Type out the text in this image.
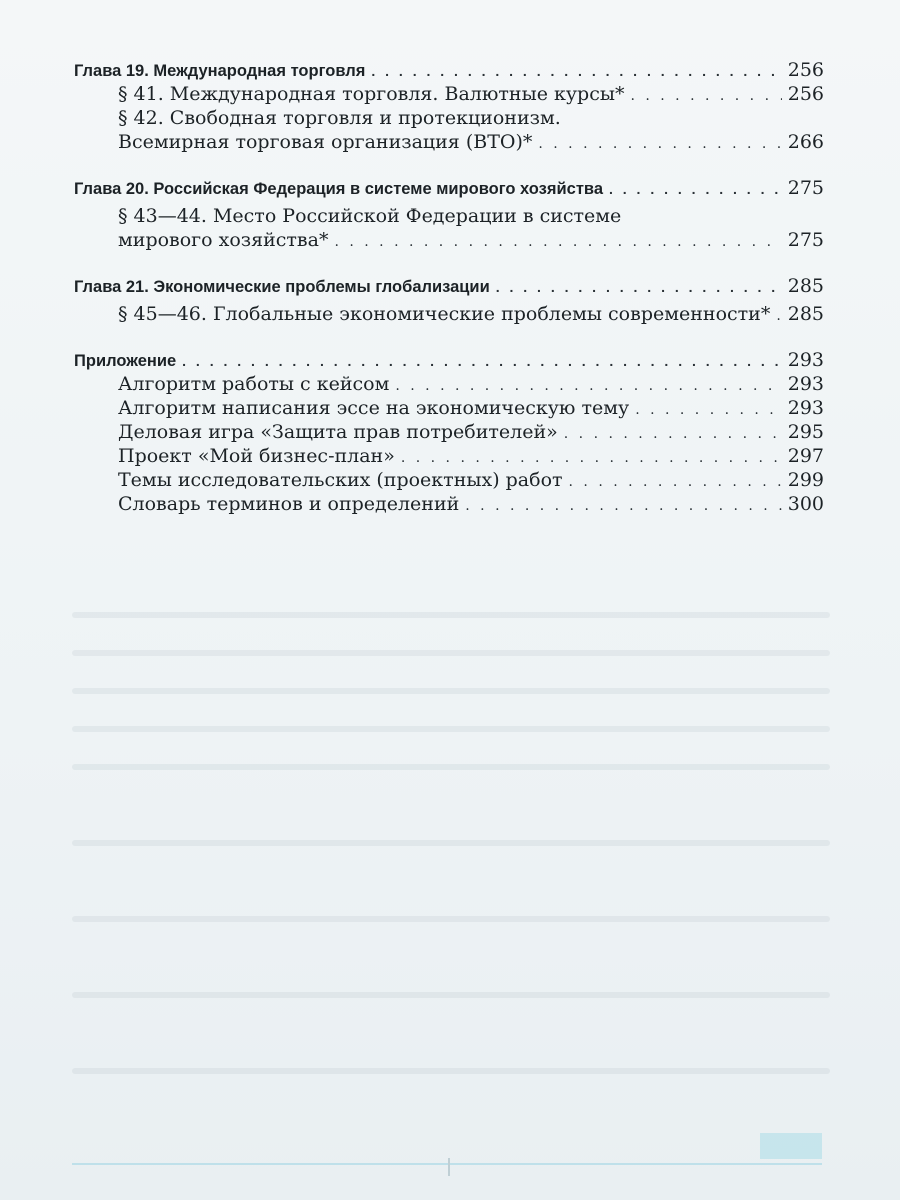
Глава 19. Международная торговля . . .	256
§ 41. Международная торговля. Валютные курсы* . . .	256
§ 42. Свободная торговля и протекционизм.
Всемирная торговая организация (ВТО)* . . .	266
Глава 20. Российская Федерация в системе мирового хозяйства . . .	275
§ 43—44. Место Российской Федерации в системе
мирового хозяйства* . . .	275
Глава 21. Экономические проблемы глобализации . . .	285
§ 45—46. Глобальные экономические проблемы современности* . . . 285
Приложение . . .	293
Алгоритм работы с кейсом . . .	293
Алгоритм написания эссе на экономическую тему . . .	293
Деловая игра «Защита прав потребителей» . . .	295
Проект «Мой бизнес-план» . . .	297
Темы исследовательских (проектных) работ . . .	299
Словарь терминов и определений . . .	300
